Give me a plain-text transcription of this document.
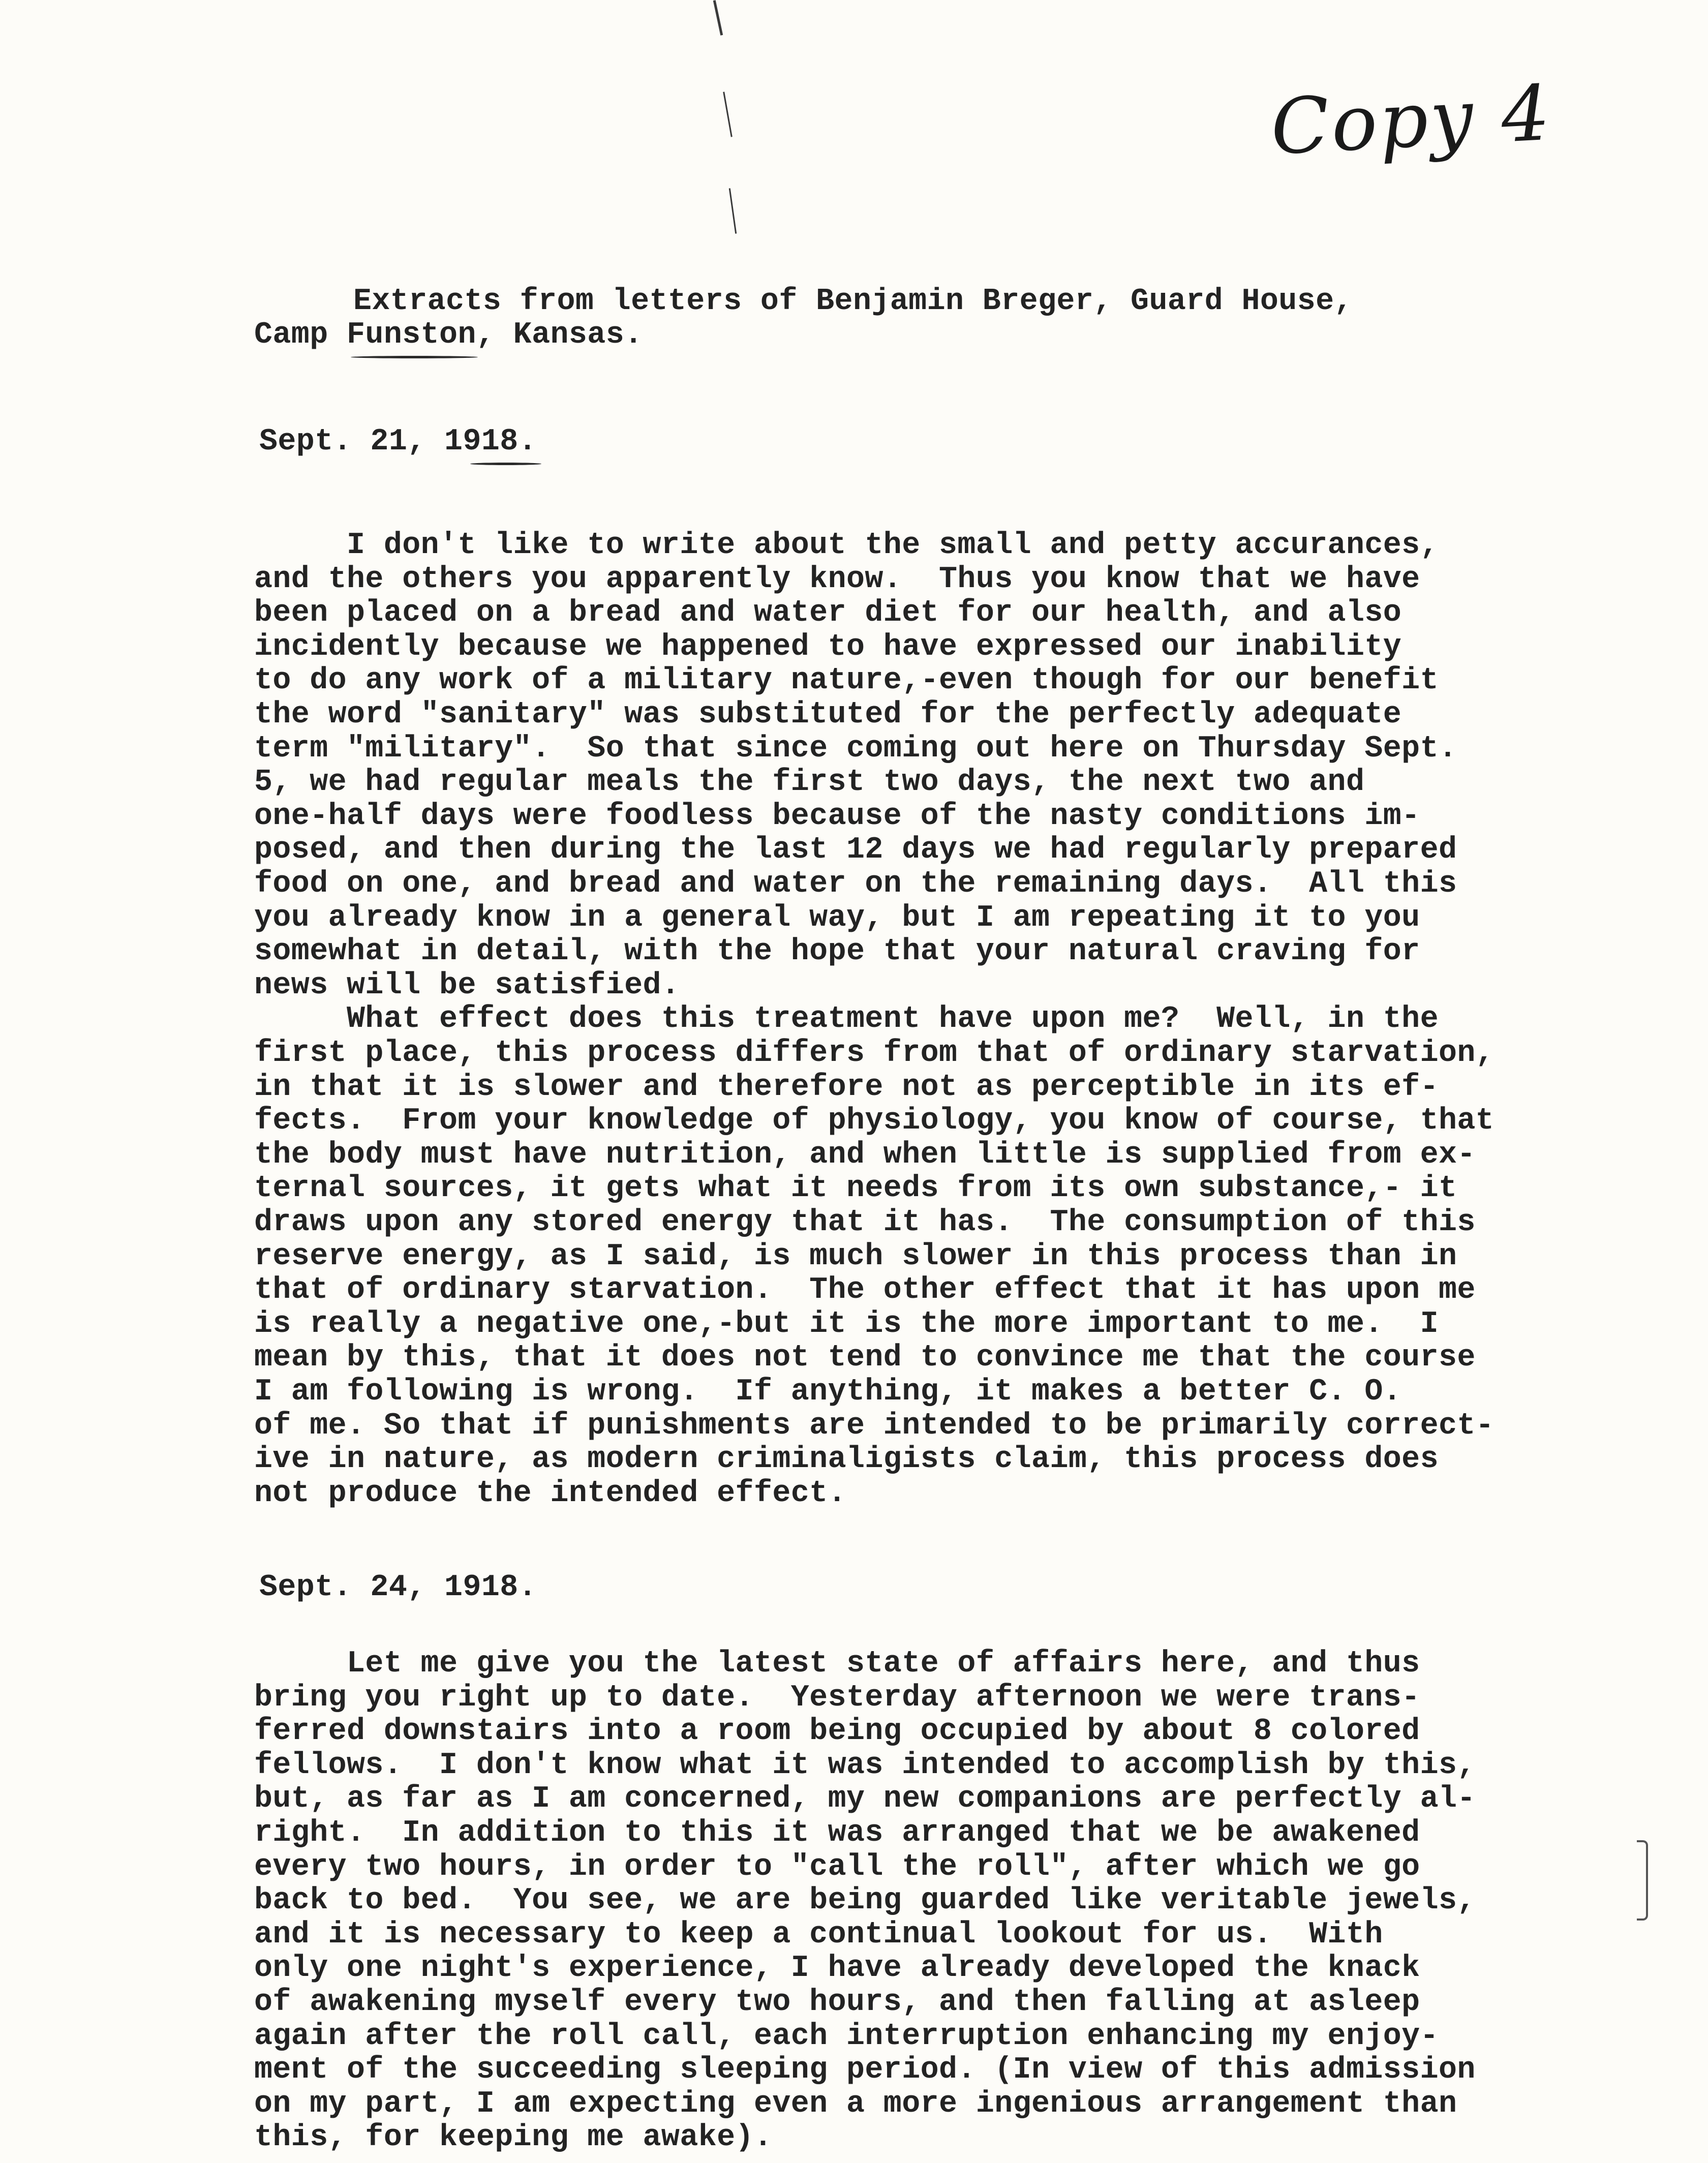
Copy 4
Extracts from letters of Benjamin Breger, Guard House,
Camp Funston, Kansas.
Sept. 21, 1918.
I don't like to write about the small and petty accurances,
and the others you apparently know.  Thus you know that we have
been placed on a bread and water diet for our health, and also
incidently because we happened to have expressed our inability
to do any work of a military nature,-even though for our benefit
the word "sanitary" was substituted for the perfectly adequate
term "military".  So that since coming out here on Thursday Sept.
5, we had regular meals the first two days, the next two and
one-half days were foodless because of the nasty conditions im-
posed, and then during the last 12 days we had regularly prepared
food on one, and bread and water on the remaining days.  All this
you already know in a general way, but I am repeating it to you
somewhat in detail, with the hope that your natural craving for
news will be satisfied.
What effect does this treatment have upon me?  Well, in the
first place, this process differs from that of ordinary starvation,
in that it is slower and therefore not as perceptible in its ef-
fects.  From your knowledge of physiology, you know of course, that
the body must have nutrition, and when little is supplied from ex-
ternal sources, it gets what it needs from its own substance,- it
draws upon any stored energy that it has.  The consumption of this
reserve energy, as I said, is much slower in this process than in
that of ordinary starvation.  The other effect that it has upon me
is really a negative one,-but it is the more important to me.  I
mean by this, that it does not tend to convince me that the course
I am following is wrong.  If anything, it makes a better C. O.
of me. So that if punishments are intended to be primarily correct-
ive in nature, as modern criminaligists claim, this process does
not produce the intended effect.
Sept. 24, 1918.
Let me give you the latest state of affairs here, and thus
bring you right up to date.  Yesterday afternoon we were trans-
ferred downstairs into a room being occupied by about 8 colored
fellows.  I don't know what it was intended to accomplish by this,
but, as far as I am concerned, my new companions are perfectly al-
right.  In addition to this it was arranged that we be awakened
every two hours, in order to "call the roll", after which we go
back to bed.  You see, we are being guarded like veritable jewels,
and it is necessary to keep a continual lookout for us.  With
only one night's experience, I have already developed the knack
of awakening myself every two hours, and then falling at asleep
again after the roll call, each interruption enhancing my enjoy-
ment of the succeeding sleeping period. (In view of this admission
on my part, I am expecting even a more ingenious arrangement than
this, for keeping me awake).
